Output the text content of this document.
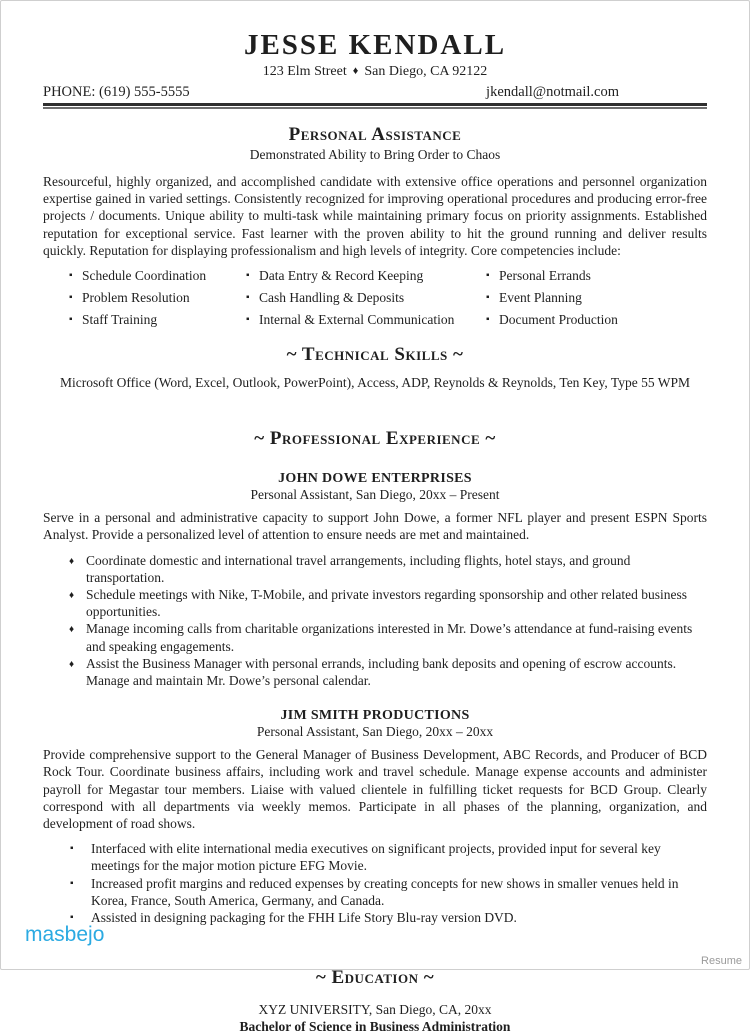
JESSE KENDALL
123 Elm Street ♦ San Diego, CA 92122
PHONE: (619) 555-5555	jkendall@notmail.com
Personal Assistance
Demonstrated Ability to Bring Order to Chaos

Resourceful, highly organized, and accomplished candidate with extensive office operations and personnel organization expertise gained in varied settings. Consistently recognized for improving operational procedures and producing error-free projects / documents. Unique ability to multi-task while maintaining primary focus on priority assignments. Established reputation for exceptional service. Fast learner with the proven ability to hit the ground running and deliver results quickly. Reputation for displaying professionalism and high levels of integrity. Core competencies include:

▪ Schedule Coordination
▪ Problem Resolution
▪ Staff Training
▪ Data Entry & Record Keeping
▪ Cash Handling & Deposits
▪ Internal & External Communication
▪ Personal Errands
▪ Event Planning
▪ Document Production
~ Technical Skills ~
Microsoft Office (Word, Excel, Outlook, PowerPoint), Access, ADP, Reynolds & Reynolds, Ten Key, Type 55 WPM
~ Professional Experience ~
JOHN DOWE ENTERPRISES
Personal Assistant, San Diego, 20xx – Present

Serve in a personal and administrative capacity to support John Dowe, a former NFL player and present ESPN Sports Analyst. Provide a personalized level of attention to ensure needs are met and maintained.

♦ Coordinate domestic and international travel arrangements, including flights, hotel stays, and ground transportation.
♦ Schedule meetings with Nike, T-Mobile, and private investors regarding sponsorship and other related business opportunities.
♦ Manage incoming calls from charitable organizations interested in Mr. Dowe’s attendance at fund-raising events and speaking engagements.
♦ Assist the Business Manager with personal errands, including bank deposits and opening of escrow accounts. Manage and maintain Mr. Dowe’s personal calendar.
JIM SMITH PRODUCTIONS
Personal Assistant, San Diego, 20xx – 20xx

Provide comprehensive support to the General Manager of Business Development, ABC Records, and Producer of BCD Rock Tour. Coordinate business affairs, including work and travel schedule. Manage expense accounts and administer payroll for Megastar tour members. Liaise with valued clientele in fulfilling ticket requests for BCD Group. Clearly correspond with all departments via weekly memos. Participate in all phases of the planning, organization, and development of road shows.

▪ Interfaced with elite international media executives on significant projects, provided input for several key meetings for the major motion picture EFG Movie.
▪ Increased profit margins and reduced expenses by creating concepts for new shows in smaller venues held in Korea, France, South America, Germany, and Canada.
▪ Assisted in designing packaging for the FHH Life Story Blu-ray version DVD.
~ Education ~
XYZ UNIVERSITY, San Diego, CA, 20xx
Bachelor of Science in Business Administration
masbejo
Resume
